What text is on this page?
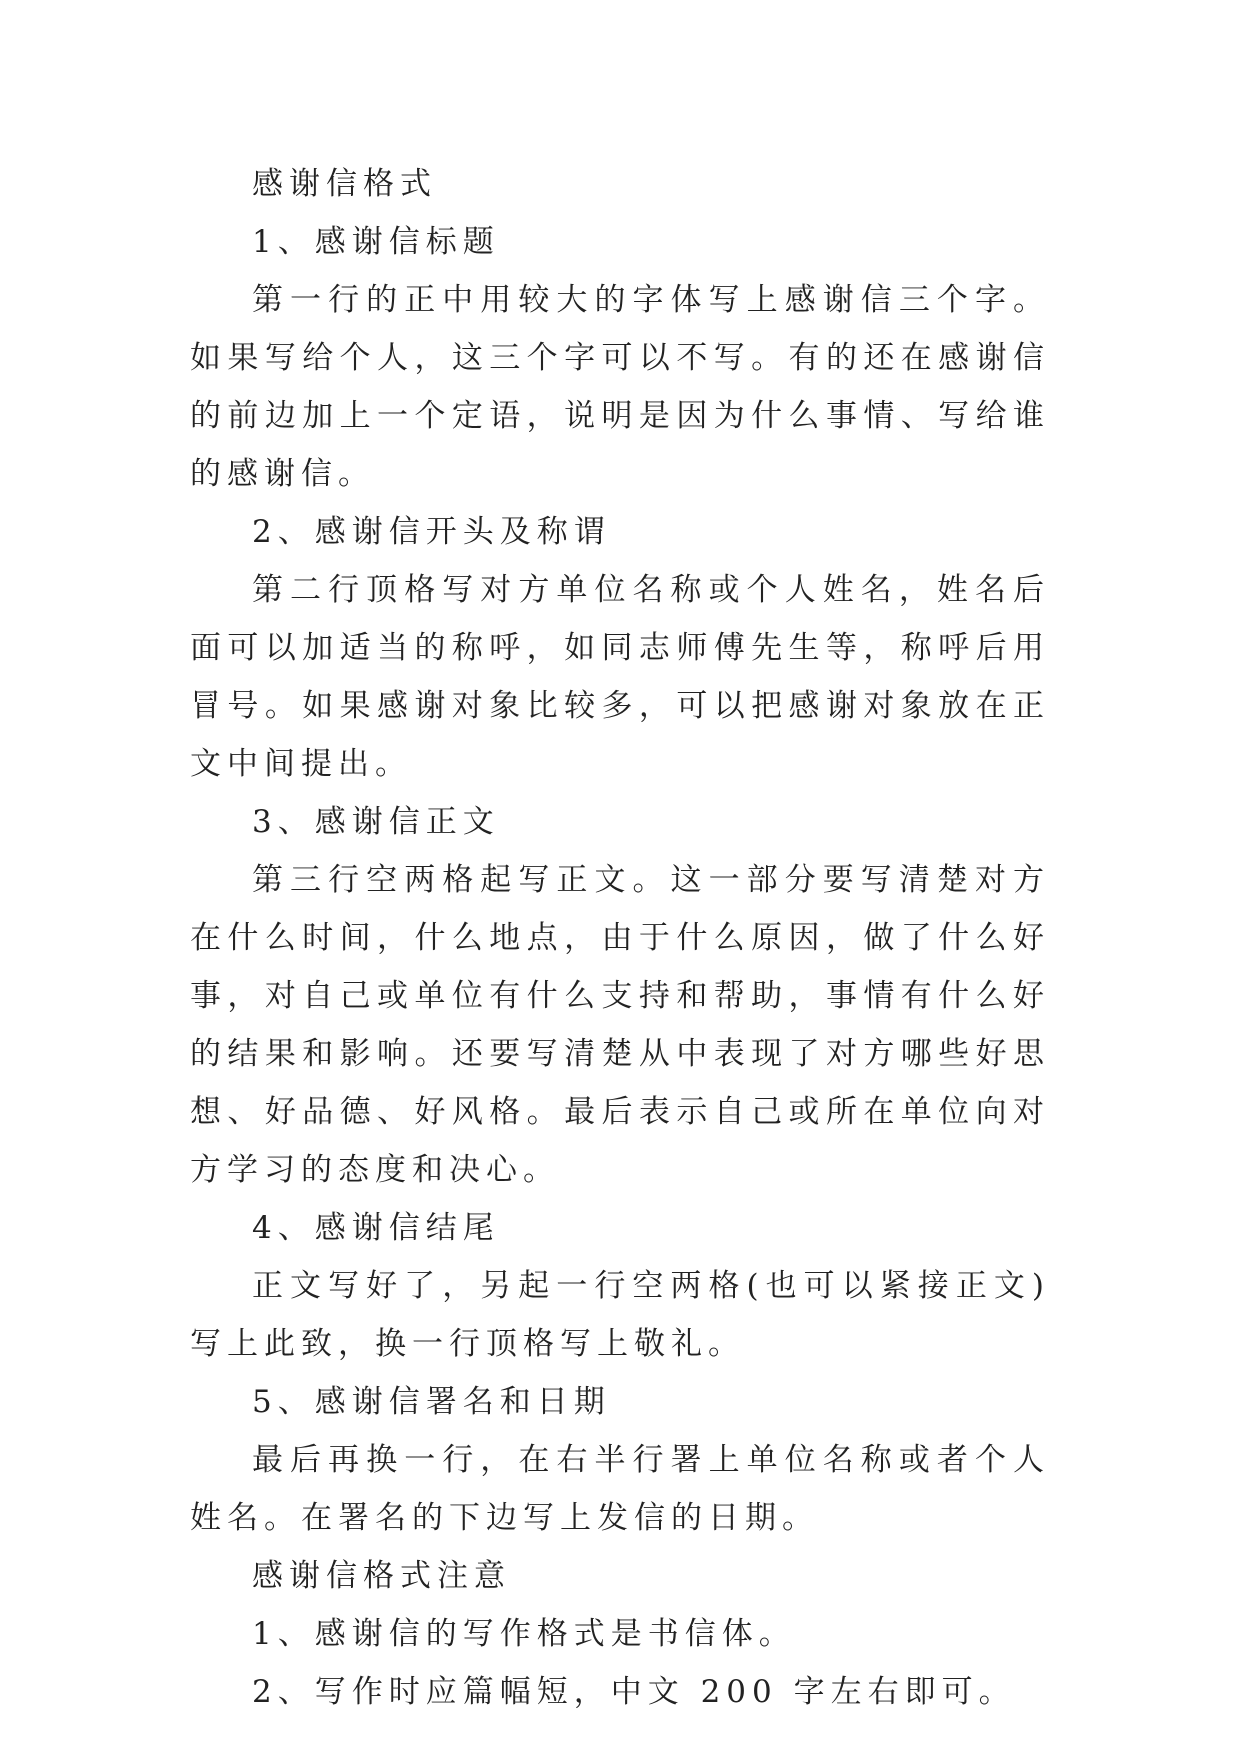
感谢信格式

1、感谢信标题

第一行的正中用较大的字体写上感谢信三个字。如果写给个人，这三个字可以不写。有的还在感谢信的前边加上一个定语，说明是因为什么事情、写给谁的感谢信。

2、感谢信开头及称谓

第二行顶格写对方单位名称或个人姓名，姓名后面可以加适当的称呼，如同志师傅先生等，称呼后用冒号。如果感谢对象比较多，可以把感谢对象放在正文中间提出。

3、感谢信正文

第三行空两格起写正文。这一部分要写清楚对方在什么时间，什么地点，由于什么原因，做了什么好事，对自己或单位有什么支持和帮助，事情有什么好的结果和影响。还要写清楚从中表现了对方哪些好思想、好品德、好风格。最后表示自己或所在单位向对方学习的态度和决心。

4、感谢信结尾

正文写好了，另起一行空两格(也可以紧接正文)写上此致，换一行顶格写上敬礼。

5、感谢信署名和日期

最后再换一行，在右半行署上单位名称或者个人姓名。在署名的下边写上发信的日期。

感谢信格式注意

1、感谢信的写作格式是书信体。

2、写作时应篇幅短，中文 200 字左右即可。
